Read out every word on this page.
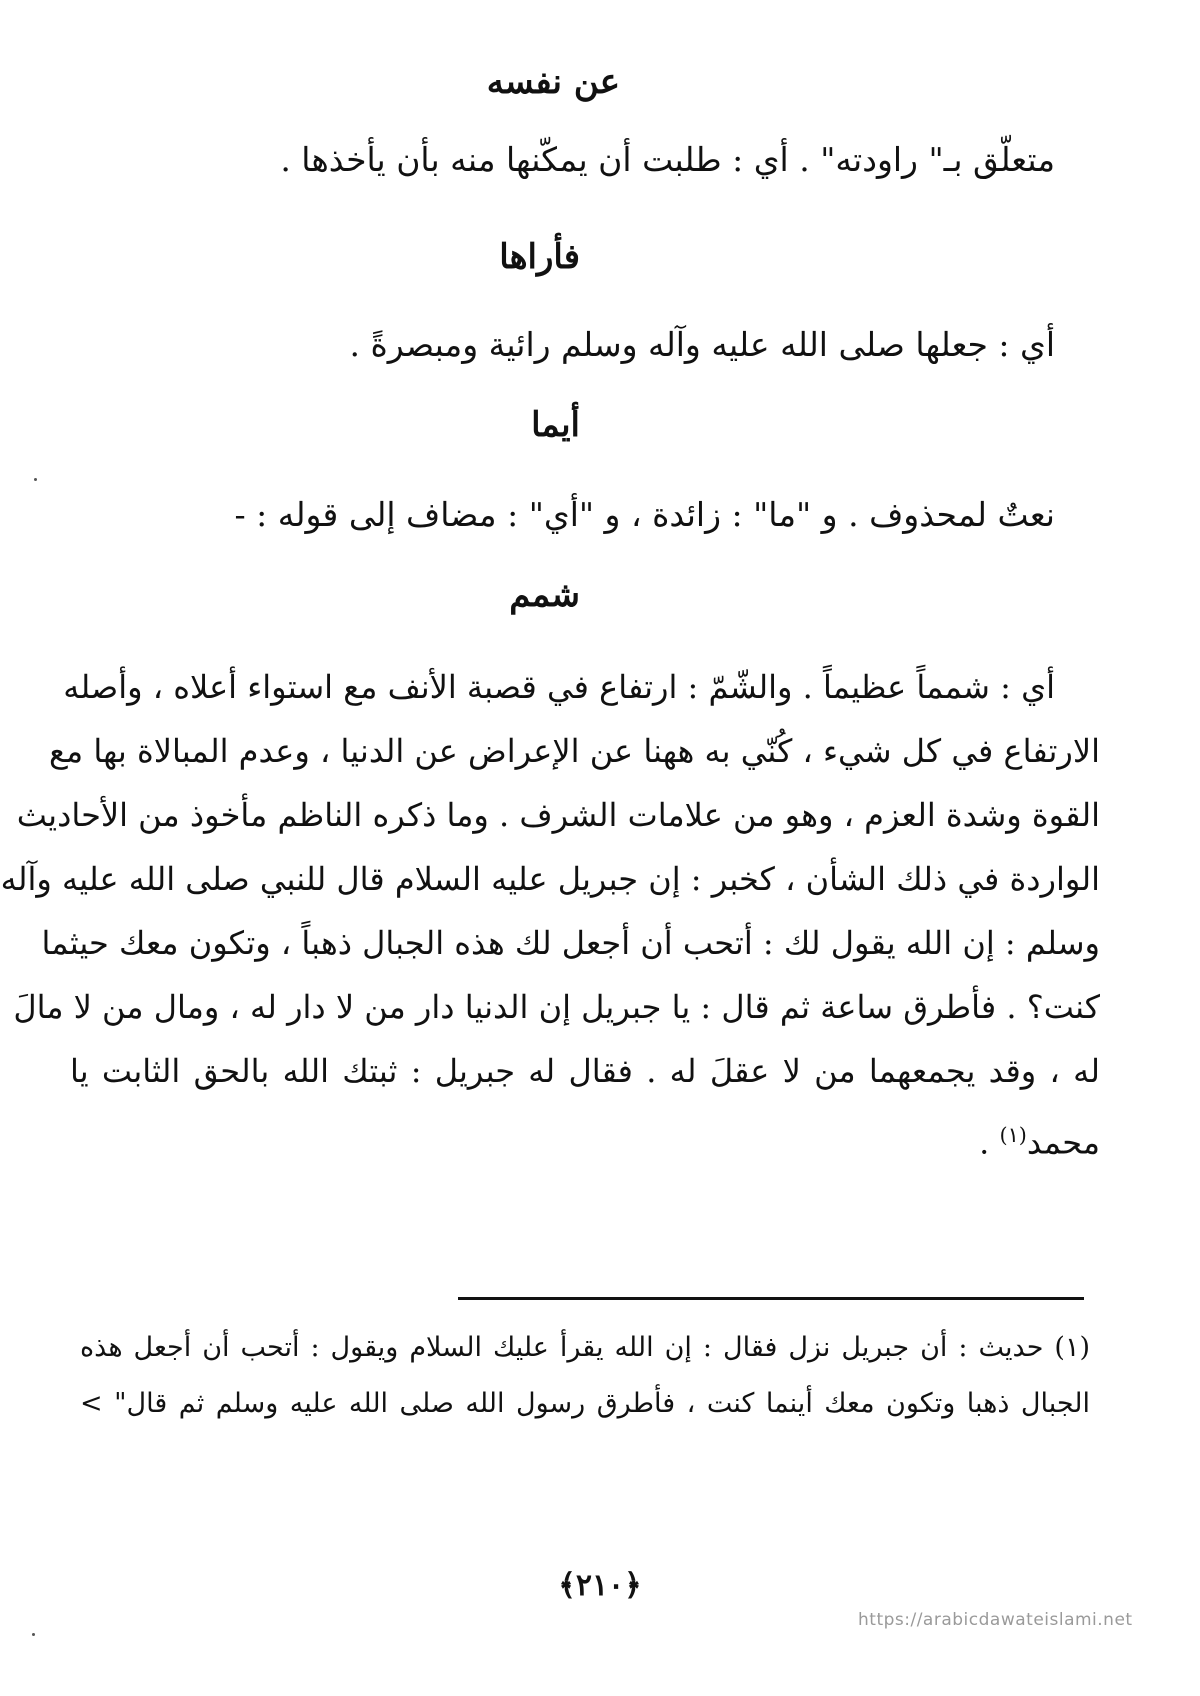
عن نفسه
متعلّق بـ" راودته" . أي : طلبت أن يمكّنها منه بأن يأخذها .
فأراها
أي : جعلها صلى الله عليه وآله وسلم رائية ومبصرةً .
أيما
نعتٌ لمحذوف . و "ما" : زائدة ، و "أي" : مضاف إلى قوله : -
شمم
أي : شمماً عظيماً . والشّمّ : ارتفاع في قصبة الأنف مع استواء أعلاه ، وأصله
الارتفاع في كل شيء ، كُنّي به ههنا عن الإعراض عن الدنيا ، وعدم المبالاة بها مع
القوة وشدة العزم ، وهو من علامات الشرف . وما ذكره الناظم مأخوذ من الأحاديث
الواردة في ذلك الشأن ، كخبر : إن جبريل عليه السلام قال للنبي صلى الله عليه وآله
وسلم : إن الله يقول لك : أتحب أن أجعل لك هذه الجبال ذهباً ، وتكون معك حيثما
كنت؟ . فأطرق ساعة ثم قال : يا جبريل إن الدنيا دار من لا دار له ، ومال من لا مالَ
له ، وقد يجمعهما من لا عقلَ له . فقال له جبريل : ثبتك الله بالحق الثابت يا
محمد$^{(١)}$ .
(١) حديث : أن جبريل نزل فقال : إن الله يقرأ عليك السلام ويقول : أتحب أن أجعل هذه
الجبال ذهبا وتكون معك أينما كنت ، فأطرق رسول الله صلى الله عليه وسلم ثم قال" >
﴿٢١٠﴾
https://arabicdawateislami.net
